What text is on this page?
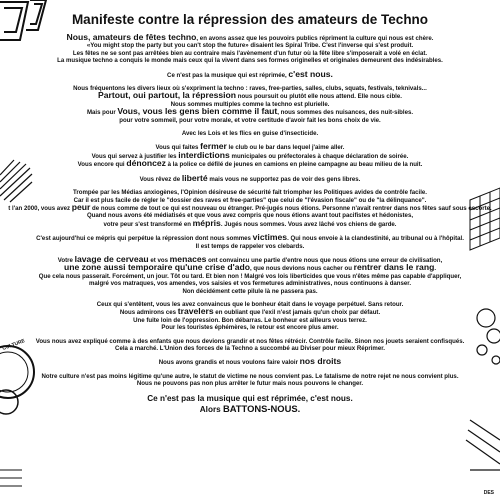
CULTURE
Manifeste contre la répression des amateurs de Techno
Nous, amateurs de fêtes techno, en avons assez que les pouvoirs publics répriment la culture qui nous est chère.
«You might stop the party but you can't stop the future» disaient les Spiral Tribe. C'est l'inverse qui s'est produit.
Les fêtes ne se sont pas arrêtées bien au contraire mais l'avènement d'un futur où la fête libre s'imposerait a volé en éclat.
La musique techno a conquis le monde mais ceux qui la vivent dans ses formes originelles et originales demeurent des indésirables.
Ce n'est pas la musique qui est réprimée, c'est nous.
Nous fréquentons les divers lieux où s'expriment la techno : raves, free-parties, salles, clubs, squats, festivals, teknivals...
Partout, oui partout, la répression nous poursuit ou plutôt elle nous attend. Elle nous cible.
Nous sommes multiples comme la techno est plurielle.
Mais pour Vous, vous les gens bien comme il faut, nous sommes des nuisances, des nuit-sibles.
pour votre sommeil, pour votre morale, et votre certitude d'avoir fait les bons choix de vie.
Avec les Lois et les flics en guise d'insecticide.
Vous qui faites fermer le club ou le bar dans lequel j'aime aller.
Vous qui servez à justifier les interdictions municipales ou préfectorales à chaque déclaration de soirée.
Vous encore qui dénoncez à la police ce défilé de jeunes en camions en pleine campagne au beau milieu de la nuit.
Vous rêvez de liberté mais vous ne supportez pas de voir des gens libres.
Trompée par les Médias anxiogènes, l'Opinion désireuse de sécurité fait triompher les Politiques avides de contrôle facile.
Car il est plus facile de régler le "dossier des raves et free-parties" que celui de "l'évasion fiscale" ou de "la délinquance".
t l'an 2000, vous avez peur de nous comme de tout ce qui est nouveau ou étranger. Pré-jugés nous étions. Personne n'avait rentrer dans nos fêtes sauf sous escorte.
Quand nous avons été médiatisés et que vous avez compris que nous étions avant tout pacifistes et hédonistes,
votre peur s'est transformé en mépris. Jugés nous sommes. Vous avez lâché vos chiens de garde.
C'est aujourd'hui ce mépris qui perpétue la répression dont nous sommes victimes. Qui nous envoie à la clandestinité, au tribunal ou à l'hôpital.
Il est temps de rappeler vos clebards.
Votre lavage de cerveau et vos menaces ont convaincu une partie d'entre nous que nous étions une erreur de civilisation,
une zone aussi temporaire qu'une crise d'ado, que nous devions nous cacher ou rentrer dans le rang.
Que cela nous passerait. Forcément, un jour. Tôt ou tard. Et bien non ! Malgré vos lois liberticides que vous n'êtes même pas capable d'appliquer,
malgré vos matraques, vos amendes, vos saisies et vos fermetures administratives, nous continuons à danser.
Non décidément cette pilule là ne passera pas.
Ceux qui s'entêtent, vous les avez convaincus que le bonheur était dans le voyage perpétuel. Sans retour.
Nous admirons ces travelers en oubliant que l'exil n'est jamais qu'un choix par défaut.
Une fuite loin de l'oppression. Bon débarras. Le bonheur est ailleurs vous terrez.
Pour les touristes éphémères, le retour est encore plus amer.
Vous nous avez expliqué comme à des enfants que nous devions grandir et nos fêtes rétrécir. Contrôle facile. Sinon nos jouets seraient confisqués.
Cela a marché. L'Union des forces de la Techno a succombé au Diviser pour mieux Réprimer.
Nous avons grandis et nous voulons faire valoir nos droits
Notre culture n'est pas moins légitime qu'une autre, le statut de victime ne nous convient pas. Le fatalisme de notre rejet ne nous convient plus.
Nous ne pouvons pas non plus arrêter le futur mais nous pouvons le changer.
Ce n'est pas la musique qui est réprimée, c'est nous.
Alors BATTONS-NOUS.
DES
